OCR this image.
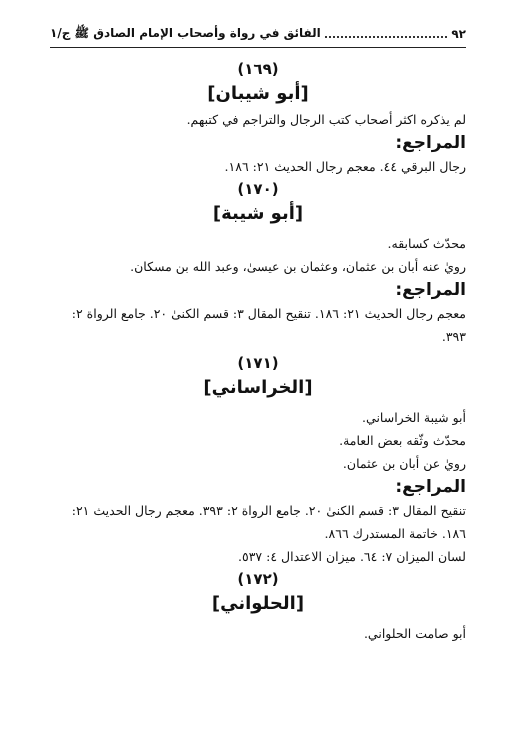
٩٢
الفائق في رواة وأصحاب الإمام الصادق ﷺ ج/١
(١٦٩)
[أبو شيبان]

لم يذكره اكثر أصحاب كتب الرجال والتراجم في كتبهم.

المراجع:
رجال البرقي ٤٤. معجم رجال الحديث ٢١: ١٨٦.
(١٧٠)
[أبو شيبة]

محدّث كسابقه.

رويٰ عنه أبان بن عثمان، وعثمان بن عيسىٰ، وعبد الله بن مسكان.

المراجع:
معجم رجال الحديث ٢١: ١٨٦. تنقيح المقال ٣: قسم الكنىٰ ٢٠. جامع الرواة ٢: ٣٩٣.
(١٧١)
[الخراساني]

أبو شيبة الخراساني.

محدّث وثّقه بعض العامة.

رويٰ عن أبان بن عثمان.

المراجع:
تنقيح المقال ٣: قسم الكنىٰ ٢٠. جامع الرواة ٢: ٣٩٣. معجم رجال الحديث ٢١: ١٨٦. خاتمة المستدرك ٨٦٦.
لسان الميزان ٧: ٦٤. ميزان الاعتدال ٤: ٥٣٧.
(١٧٢)
[الحلواني]

أبو صامت الحلواني.
